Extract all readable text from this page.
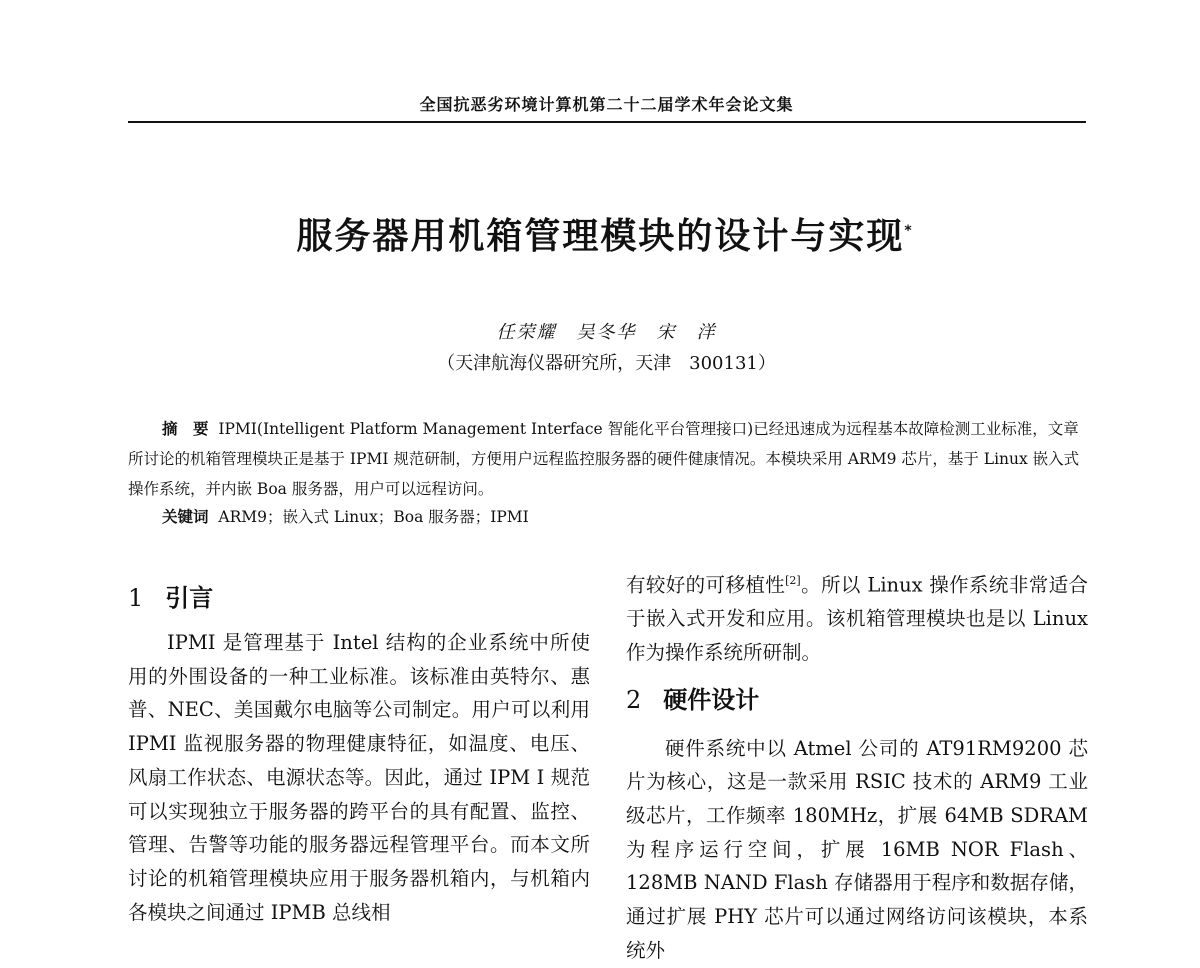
全国抗恶劣环境计算机第二十二届学术年会论文集
服务器用机箱管理模块的设计与实现*
任荣耀　吴冬华　宋　洋
（天津航海仪器研究所，天津　300131）
摘　要 IPMI(Intelligent Platform Management Interface 智能化平台管理接口)已经迅速成为远程基本故障检测工业标准，文章所讨论的机箱管理模块正是基于 IPMI 规范研制，方便用户远程监控服务器的硬件健康情况。本模块采用 ARM9 芯片，基于 Linux 嵌入式操作系统，并内嵌 Boa 服务器，用户可以远程访问。
关键词 ARM9；嵌入式 Linux；Boa 服务器；IPMI
1 引言

IPMI 是管理基于 Intel 结构的企业系统中所使用的外围设备的一种工业标准。该标准由英特尔、惠普、NEC、美国戴尔电脑等公司制定。用户可以利用 IPMI 监视服务器的物理健康特征，如温度、电压、风扇工作状态、电源状态等。因此，通过 IPM I 规范可以实现独立于服务器的跨平台的具有配置、监控、管理、告警等功能的服务器远程管理平台。而本文所讨论的机箱管理模块应用于服务器机箱内，与机箱内各模块之间通过 IPMB 总线相

有较好的可移植性[2]。所以 Linux 操作系统非常适合于嵌入式开发和应用。该机箱管理模块也是以 Linux 作为操作系统所研制。

2 硬件设计

硬件系统中以 Atmel 公司的 AT91RM9200 芯片为核心，这是一款采用 RSIC 技术的 ARM9 工业级芯片，工作频率 180MHz，扩展 64MB SDRAM 为程序运行空间，扩展 16MB NOR Flash、128MB NAND Flash 存储器用于程序和数据存储，通过扩展 PHY 芯片可以通过网络访问该模块，本系统外
